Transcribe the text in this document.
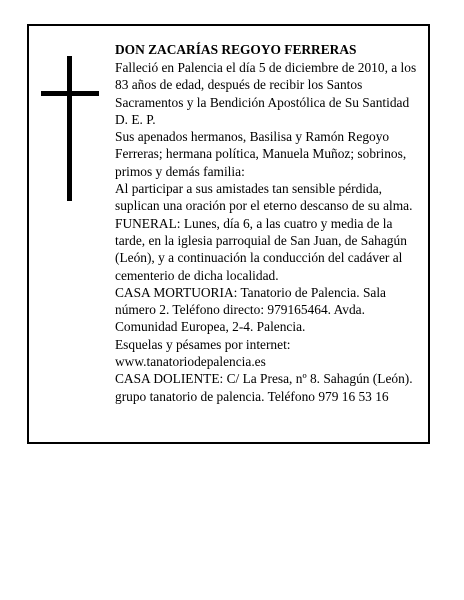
DON ZACARÍAS REGOYO FERRERAS

Falleció en Palencia el día 5 de diciembre de 2010, a los 83 años de edad, después de recibir los Santos Sacramentos y la Bendición Apostólica de Su Santidad

D. E. P.

Sus apenados hermanos, Basilisa y Ramón Regoyo Ferreras; hermana política, Manuela Muñoz; sobrinos, primos y demás familia:

Al participar a sus amistades tan sensible pérdida, suplican una oración por el eterno descanso de su alma.

FUNERAL: Lunes, día 6, a las cuatro y media de la tarde, en la iglesia parroquial de San Juan, de Sahagún (León), y a continuación la conducción del cadáver al cementerio de dicha localidad.

CASA MORTUORIA: Tanatorio de Palencia. Sala número 2. Teléfono directo: 979165464. Avda. Comunidad Europea, 2-4. Palencia.

Esquelas y pésames por internet: www.tanatoriodepalencia.es

CASA DOLIENTE: C/ La Presa, nº 8. Sahagún (León).

grupo tanatorio de palencia. Teléfono 979 16 53 16
